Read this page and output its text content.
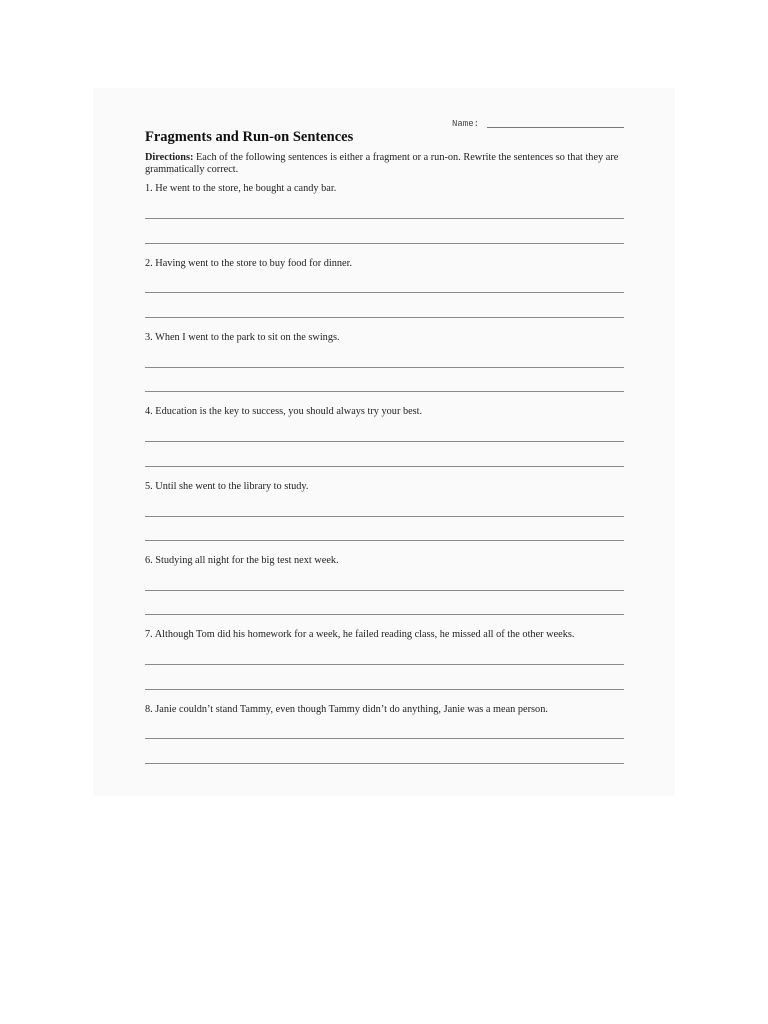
Name:
Fragments and Run-on Sentences
Directions: Each of the following sentences is either a fragment or a run-on. Rewrite the sentences so that they are grammatically correct.
1. He went to the store, he bought a candy bar.
2. Having went to the store to buy food for dinner.
3. When I went to the park to sit on the swings.
4. Education is the key to success, you should always try your best.
5. Until she went to the library to study.
6. Studying all night for the big test next week.
7. Although Tom did his homework for a week, he failed reading class, he missed all of the other weeks.
8. Janie couldn’t stand Tammy, even though Tammy didn’t do anything, Janie was a mean person.
